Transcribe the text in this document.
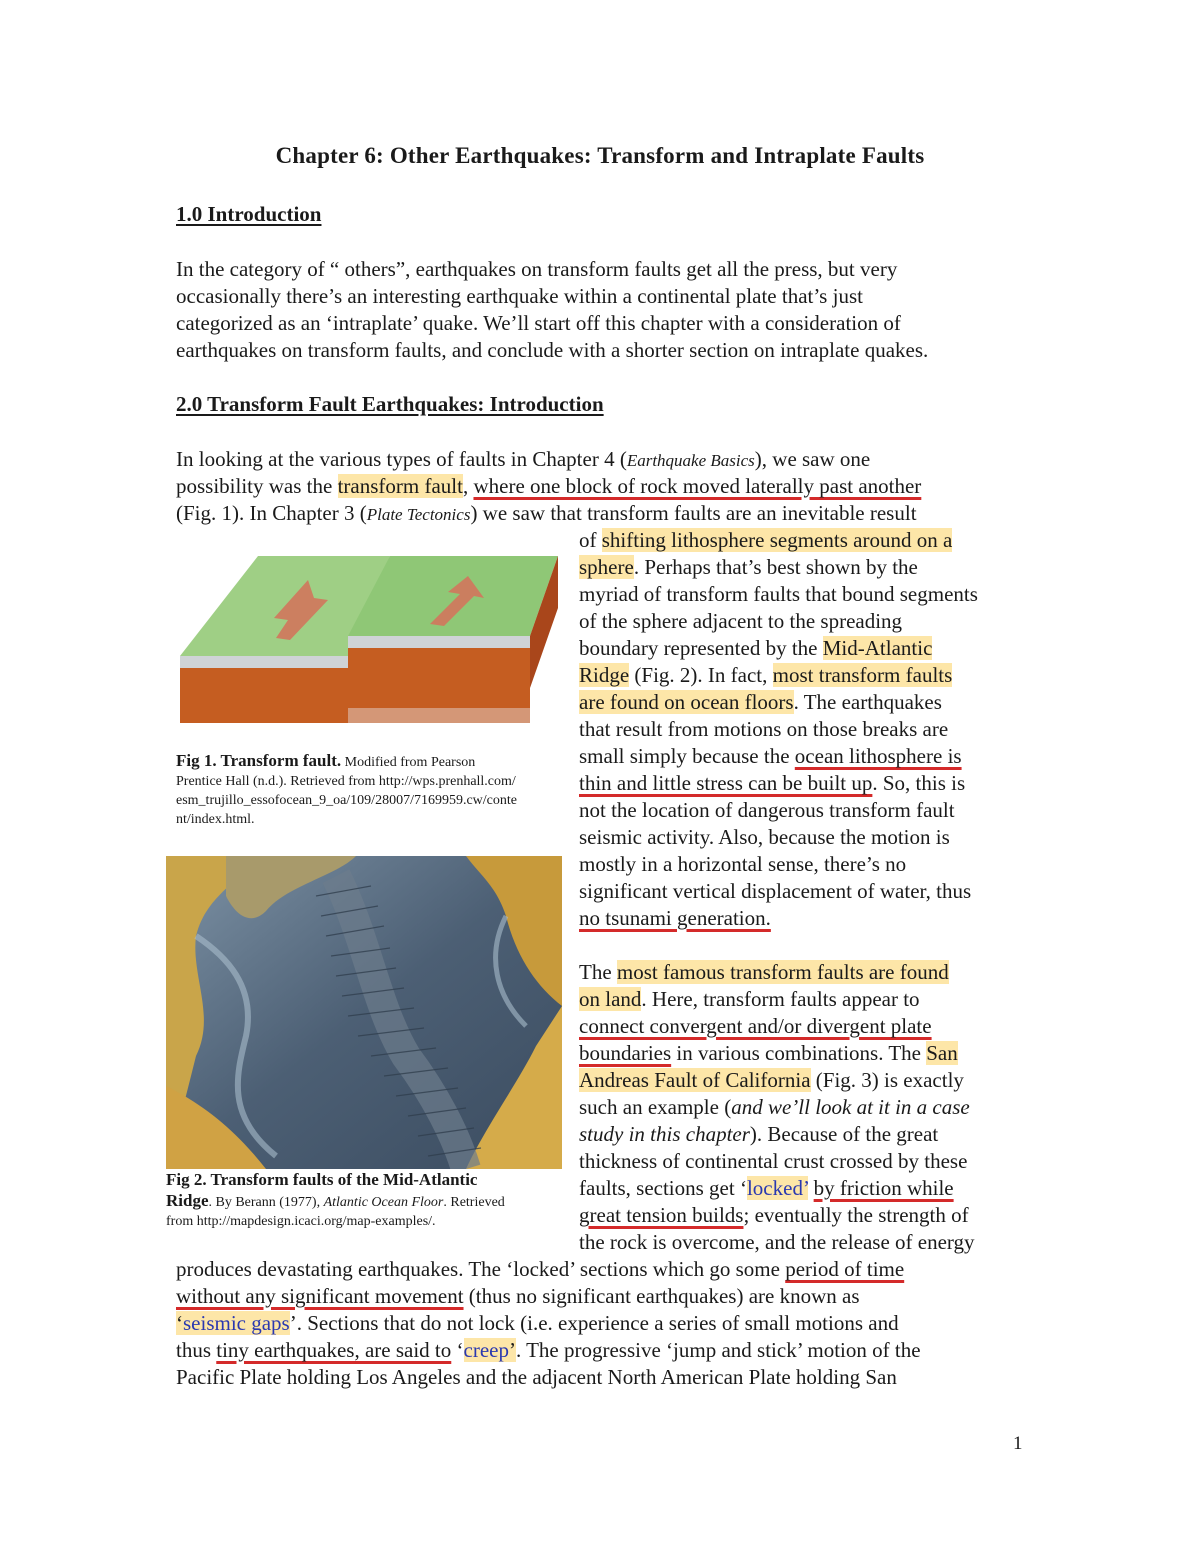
Chapter 6: Other Earthquakes: Transform and Intraplate Faults
1.0 Introduction
In the category of “ others”, earthquakes on transform faults get all the press, but very
occasionally there’s an interesting earthquake within a continental plate that’s just
categorized as an ‘intraplate’ quake. We’ll start off this chapter with a consideration of
earthquakes on transform faults, and conclude with a shorter section on intraplate quakes.
2.0 Transform Fault Earthquakes: Introduction
In looking at the various types of faults in Chapter 4 (Earthquake Basics), we saw one
possibility was the transform fault, where one block of rock moved laterally past another
(Fig. 1). In Chapter 3 (Plate Tectonics) we saw that transform faults are an inevitable result
of shifting lithosphere segments around on a
sphere. Perhaps that’s best shown by the
myriad of transform faults that bound segments
of the sphere adjacent to the spreading
boundary represented by the Mid-Atlantic
Ridge (Fig. 2). In fact, most transform faults
are found on ocean floors. The earthquakes
that result from motions on those breaks are
small simply because the ocean lithosphere is
thin and little stress can be built up. So, this is
not the location of dangerous transform fault
seismic activity. Also, because the motion is
mostly in a horizontal sense, there’s no
significant vertical displacement of water, thus
no tsunami generation.
The most famous transform faults are found
on land. Here, transform faults appear to
connect convergent and/or divergent plate
boundaries in various combinations. The San
Andreas Fault of California (Fig. 3) is exactly
such an example (and we’ll look at it in a case
study in this chapter). Because of the great
thickness of continental crust crossed by these
faults, sections get ‘locked’ by friction while
great tension builds; eventually the strength of
the rock is overcome, and the release of energy
produces devastating earthquakes. The ‘locked’ sections which go some period of time
without any significant movement (thus no significant earthquakes) are known as
‘seismic gaps’. Sections that do not lock (i.e. experience a series of small motions and
thus tiny earthquakes, are said to ‘creep’. The progressive ‘jump and stick’ motion of the
Pacific Plate holding Los Angeles and the adjacent North American Plate holding San
Fig 1. Transform fault. Modified from Pearson
Prentice Hall (n.d.). Retrieved from http://wps.prenhall.com/
esm_trujillo_essofocean_9_oa/109/28007/7169959.cw/conte
nt/index.html.
Fig 2. Transform faults of the Mid-Atlantic
Ridge. By Berann (1977), Atlantic Ocean Floor. Retrieved
from http://mapdesign.icaci.org/map-examples/.
1
